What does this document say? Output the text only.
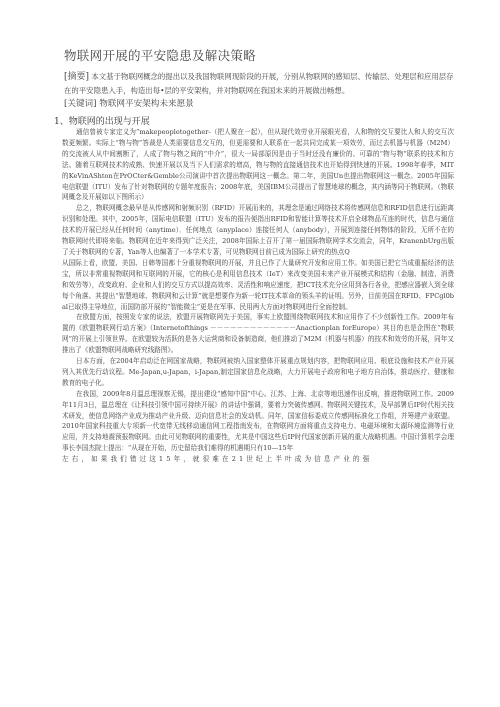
物联网开展的平安隐患及解决策略
[摘要] 本文基于物联网概念的提出以及我国物联网现阶段的开展，分别从物联网的感知层、传输层、处理层和应用层存在的平安隐患入手，构造出每•层的平安架构，并对物联网在我国未来的开展做出畅想。
[关键词] 物联网平安架构未来愿景
1、物联网的出现与开展

通信曾被专家定义为“makepeopletogether-（把人聚在一起），但从现代效劳业开展眼光看，人和物的交互要比人和人的交互次数更频繁。实际上“物与物”答裁是人类需要信息交互的，但更需要和人联系在一起共同完成某一项效劳，而过去机器与机器（M2M）的交流被人从中间割断了，人成了物与物之间的“中介”，很大一局部原因是由于当时还没有廉价的、可靠的“物与物”联系的技术和方法。随着互联网技术的成熟、快速开展以及当下人们需求的增高，物与物的直接通信技术也开始得到快速的开展。1998年春季，MIT的KeVinAShton在PrOCter&Gemble公司演讲中首次提出物联网这一概念。第二年，美国Un也提出物联网这一概念。2005年国际电信联盟（ITU）发布了针对物联网的专题年度报告；2008年底，美国IBM公司提出了智慧地球的概念，其内涵等同于物联网。（物联网概念及开展如以下图所示）

总之，物联网概念最早是从传感网和射频识别（RFID）开展而来的，其理念是通过网络技术将传感网信息和RFID信息进行远距离识别和处理。其中，2005年，国际电信联盟（ITU）发布的报告便指出RFID和智能计算等技术开启全球物品互连的时代，信息与通信技术的开展已经从任何时间（anytime）．任何地点（anyplace）连接任何人（anybody），开展到连接任何物体的阶段，无所不在的物联网时代即将来临。物联网在近年来得到广泛关注，2008年国际上召开了第一届国际物联网学术交流会，同年，KranenbUrg出版了关于物联网的专著，Yan等人也编著了一本学术专著，可见物联网目前已成为国际上研究的热点Q

从国际上看，欧盟、美国、日韩等国都十分重视物联网的开展，并且已作了大量研究开发和应用工作。如美国已把它当成重振经济的法宝，所以非常重视物联网和互联网的开展，它的核心是利用信息技术（IeT）来改变美国未来产业开展模式和结构（金融、制造、消费和效劳等），改变政府、企业和人们的交互方式以提高效率、灵活性和响应速度，把ICT技术充分应用到各行各业，把感应器嵌入到全球每个角落。其提出“智慧地球、物联网和云计算”就是想要作为新一轮IT技术革命的领头羊的证明。另外，目前美国在RFID、FPCgl0bal已取得主导地位，而国防部开展的“智能微尘”更是在军事、民用两大方面对物联网进行全面控制。

在欧盟方面，按照发专家的说法，欧盟开展物联网先于美国，事实上欧盟围绕物联网技术和应用作了不少创新性工作。2009年布置的《欧盟物联网行动方案》（Internetofthings －－－－－－－－－－－－－Anactionplan forEurope）其目的也是企图在“物联网”的开展上引领世界。在欧盟较为活跃的是各大运营商和设备制造商，他们推动了M2M（机器与机器）的技术和效劳的开展，同年又推出了《欧盟物联网战略研究线路图》。

日本方面，在2004年启动泛在网国家战略，物联网被纳入国家整体开展重点规划内容，把物联网应用、根底设施和技术产业开展列入其优先行动议程。Me-Japan,u-Japan，i-Japan,制定国家信息化战略，大力开展电子政府和电子地方自治体，推动医疗、健康和教育的电子化。

在我国，2009年8月温总理视察无锡，提出建设“感知中国”中心。江苏、上海、北京等地迅速作出反响，推进物联网工作。2009年11月3日，温总理在《让科技引领中国可持续开展》的讲话中强调，要着力突破传感网、物联网关键技术，及早部署后IP时代相关技术研发，使信息网络产业成为推动产业升级、迈向信息社会的发动机。同年，国家信标委成立传感网标准化工作组，并筹建产业联盟。2010年国家科技重大专项新一代宽带无线移动通信网工程指南发布，在物联网方面将重点支持电力、电磁环境和太湖环境监测等行业应用，并支持地震预报物联网。由此可见物联网的重要性，尤其是中国这些后IP时代国家创新开展的重大战略机遇。中国计算机学会理事长李国杰院士提出：“从现在开始，历史留给我们难得的机遇期只有10—15年

左右，如果我们错过这15年，就很难在21世纪上半叶成为信息产业的强
